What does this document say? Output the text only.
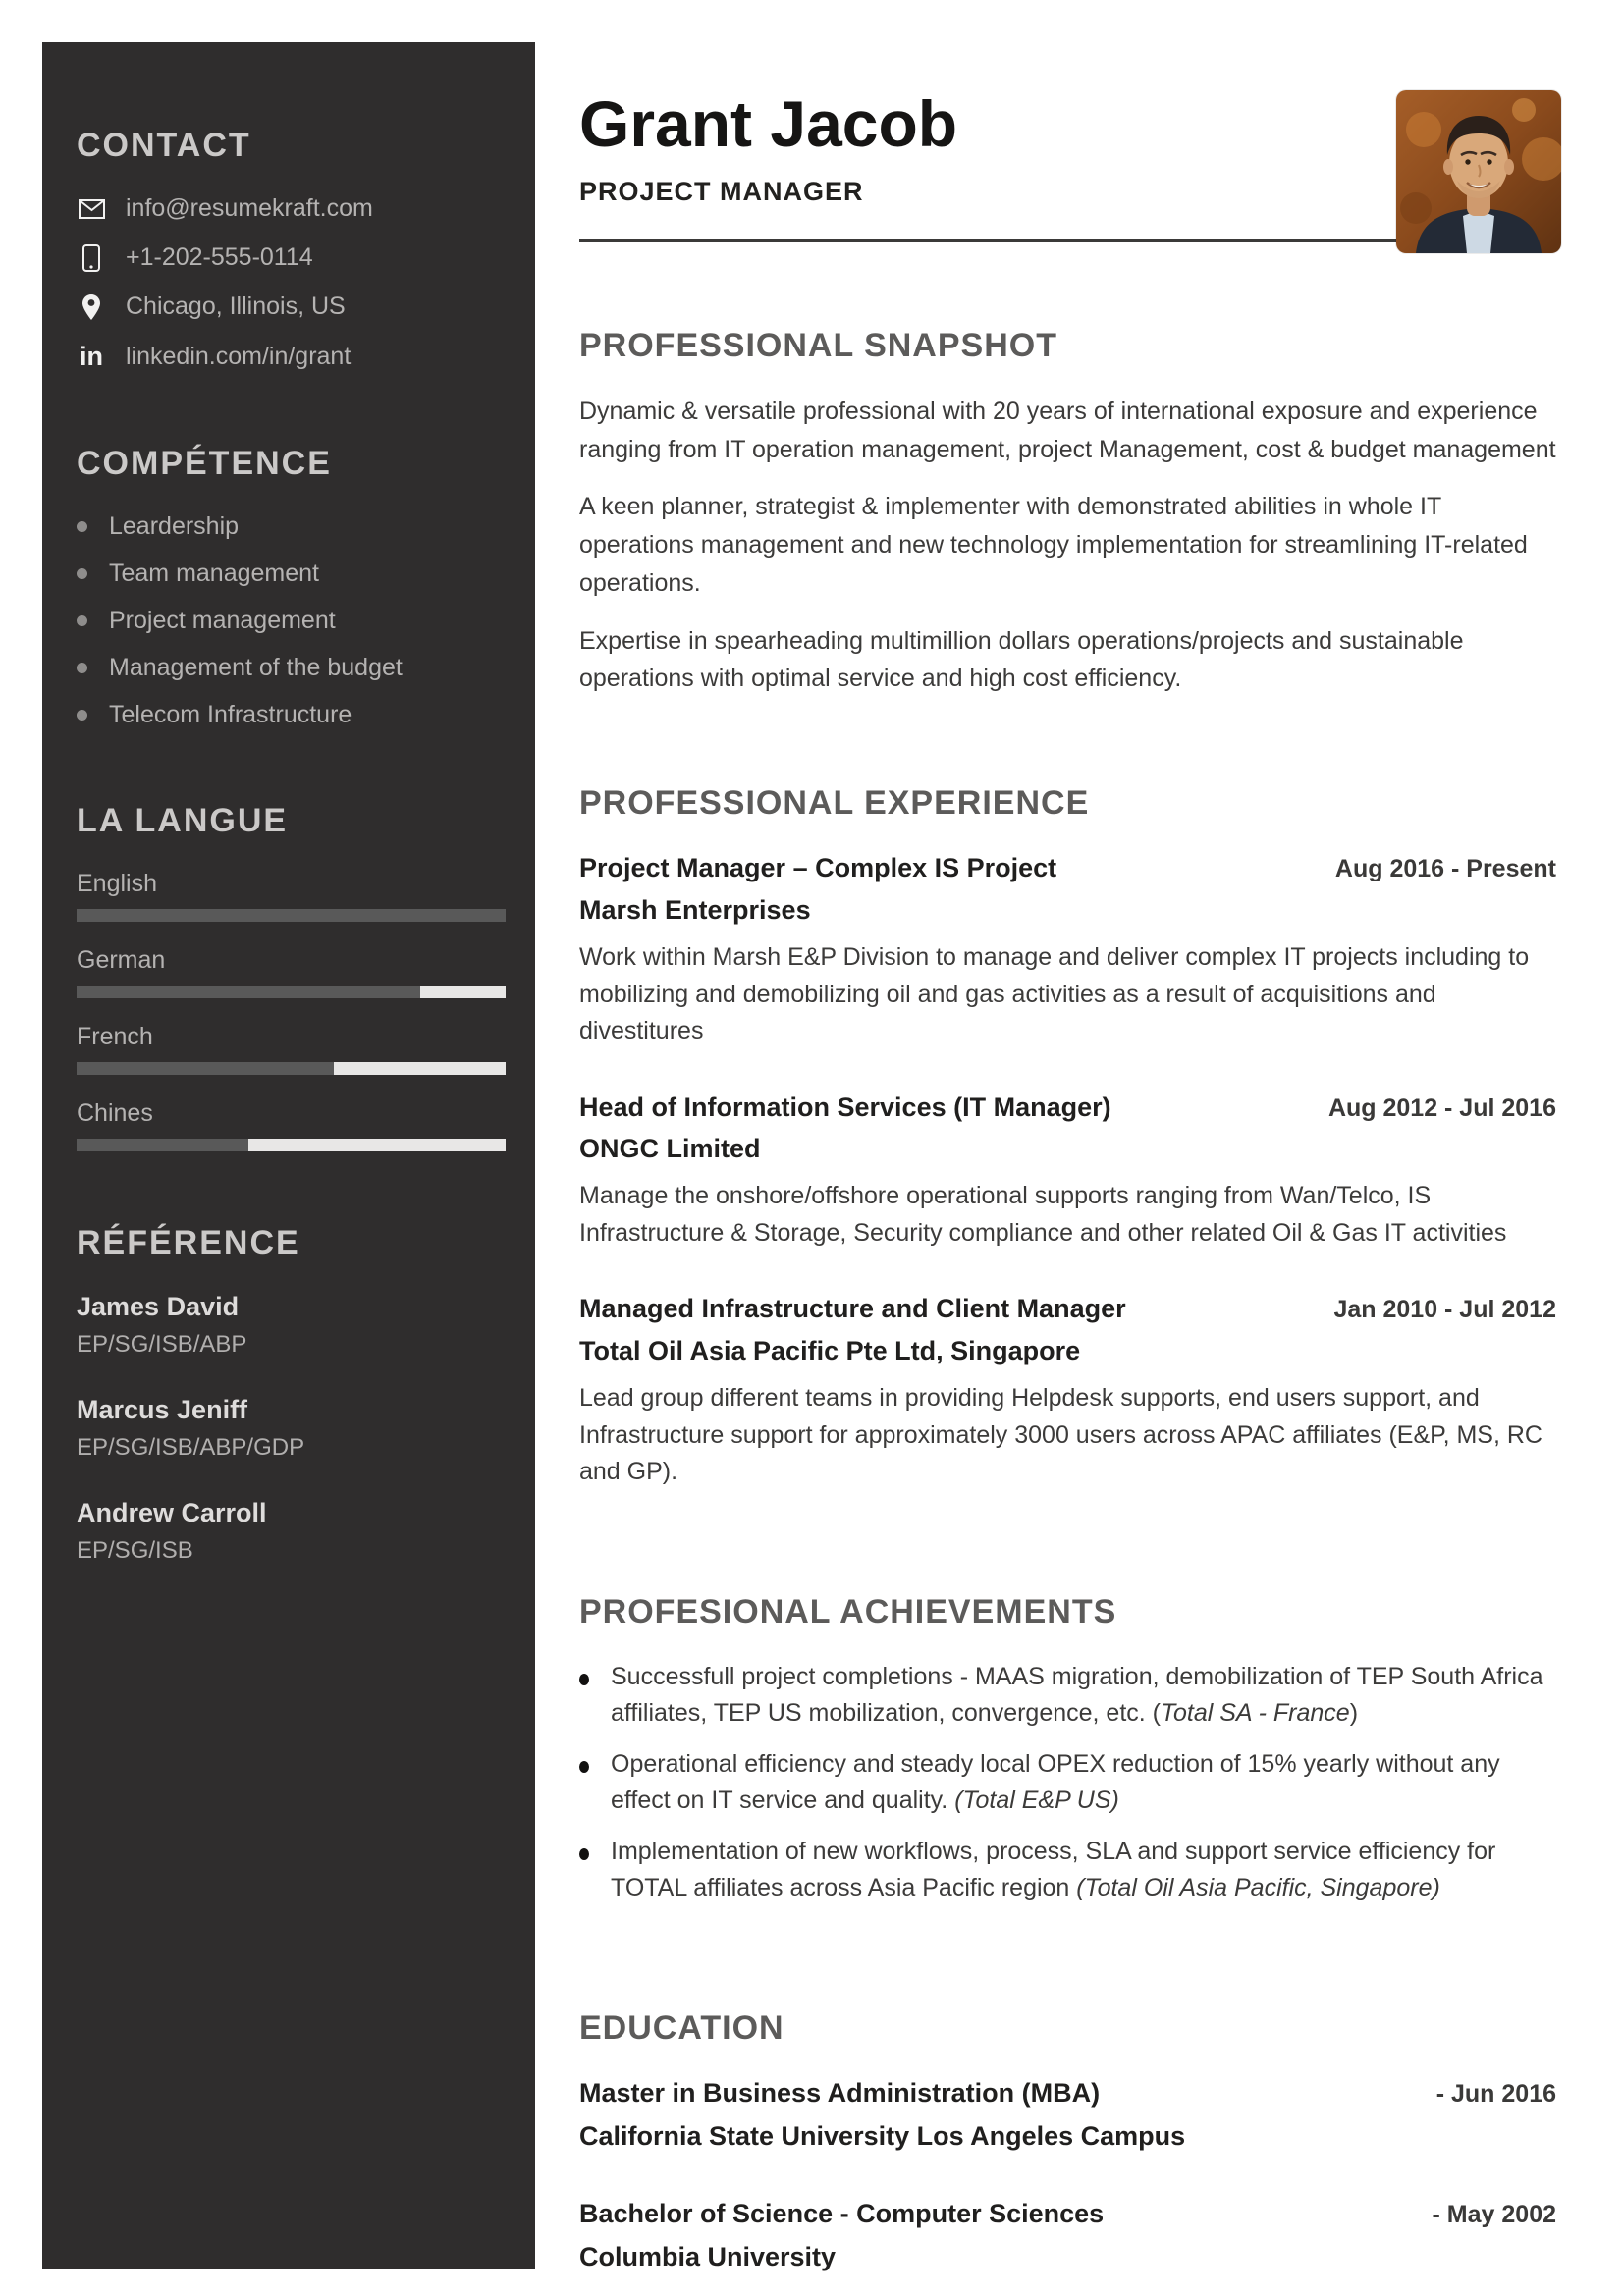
CONTACT
info@resumekraft.com
+1-202-555-0114
Chicago, Illinois, US
in linkedin.com/in/grant
COMPÉTENCE
Leardership
Team management
Project management
Management of the budget
Telecom Infrastructure
LA LANGUE
English
German
French
Chines
RÉFÉRENCE
James David
EP/SG/ISB/ABP
Marcus Jeniff
EP/SG/ISB/ABP/GDP
Andrew Carroll
EP/SG/ISB
Grant Jacob
PROJECT MANAGER
PROFESSIONAL SNAPSHOT

Dynamic & versatile professional with 20 years of international exposure and experience ranging from IT operation management, project Management, cost & budget management

A keen planner, strategist & implementer with demonstrated abilities in whole IT operations management and new technology implementation for streamlining IT-related operations.

Expertise in spearheading multimillion dollars operations/projects and sustainable operations with optimal service and high cost efficiency.

PROFESSIONAL EXPERIENCE
Project Manager – Complex IS Project	Aug 2016 - Present
Marsh Enterprises
Work within Marsh E&P Division to manage and deliver complex IT projects including to mobilizing and demobilizing oil and gas activities as a result of acquisitions and divestitures
Head of Information Services (IT Manager)	Aug 2012 - Jul 2016
ONGC Limited
Manage the onshore/offshore operational supports ranging from Wan/Telco, IS Infrastructure & Storage, Security compliance and other related Oil & Gas IT activities
Managed Infrastructure and Client Manager	Jan 2010 - Jul 2012
Total Oil Asia Pacific Pte Ltd, Singapore
Lead group different teams in providing Helpdesk supports, end users support, and Infrastructure support for approximately 3000 users across APAC affiliates (E&P, MS, RC and GP).
PROFESIONAL ACHIEVEMENTS
Successfull project completions - MAAS migration, demobilization of TEP South Africa affiliates, TEP US mobilization, convergence, etc. (Total SA - France)
Operational efficiency and steady local OPEX reduction of 15% yearly without any effect on IT service and quality. (Total E&P US)
Implementation of new workflows, process, SLA and support service efficiency for TOTAL affiliates across Asia Pacific region (Total Oil Asia Pacific, Singapore)
EDUCATION
Master in Business Administration (MBA)	- Jun 2016
California State University Los Angeles Campus
Bachelor of Science - Computer Sciences	- May 2002
Columbia University
